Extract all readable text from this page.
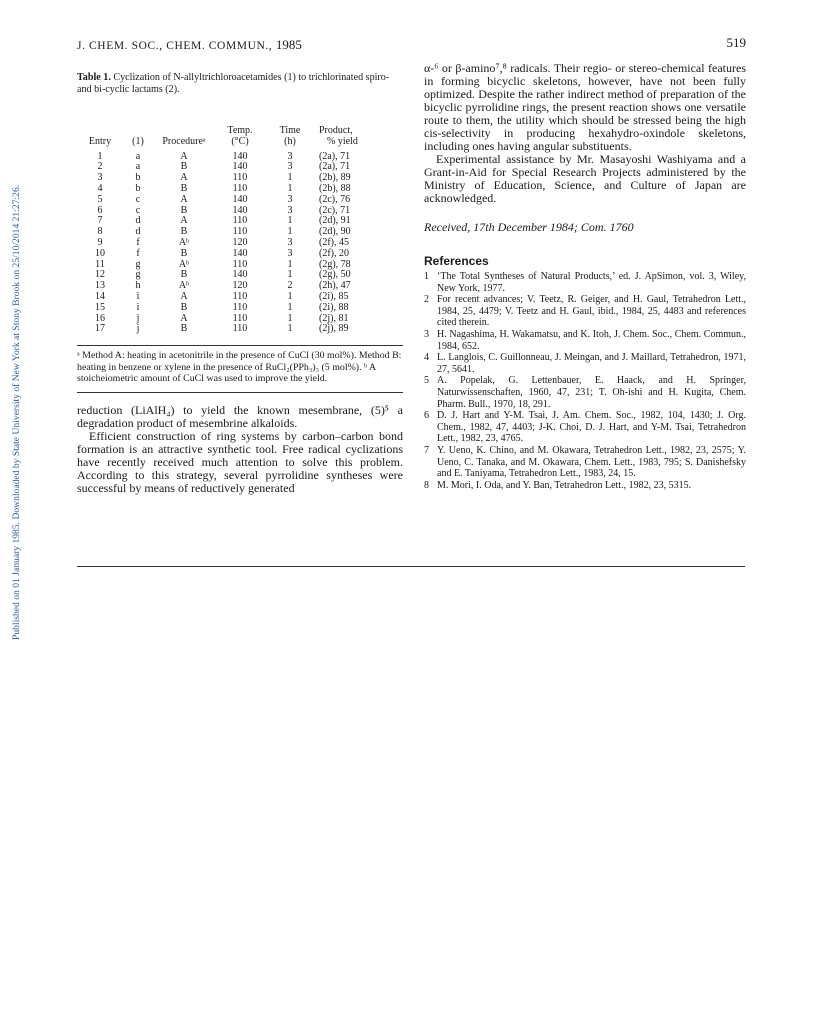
Published on 01 January 1985. Downloaded by State University of New York at Stony Brook on 25/10/2014 21:27:26.
J. CHEM. SOC., CHEM. COMMUN., 1985	519

Table 1. Cyclization of N-allyltrichloroacetamides (1) to trichlorinated spiro- and bi-cyclic lactams (2).

			Temp.	Time	Product,
Entry	(1)	Procedureᵃ	(°C)	(h)	% yield

1	a	A	140	3	(2a), 71
2	a	B	140	3	(2a), 71
3	b	A	110	1	(2b), 89
4	b	B	110	1	(2b), 88
5	c	A	140	3	(2c), 76
6	c	B	140	3	(2c), 71
7	d	A	110	1	(2d), 91
8	d	B	110	1	(2d), 90
9	f	Aᵇ	120	3	(2f), 45
10	f	B	140	3	(2f), 20
11	g	Aᵇ	110	1	(2g), 78
12	g	B	140	1	(2g), 50
13	h	Aᵇ	120	2	(2h), 47
14	i	A	110	1	(2i), 85
15	i	B	110	1	(2i), 88
16	j	A	110	1	(2j), 81
17	j	B	110	1	(2j), 89

ᵃ Method A: heating in acetonitrile in the presence of CuCl (30 mol%). Method B: heating in benzene or xylene in the presence of RuCl₂(PPh₃)₃ (5 mol%). ᵇ A stoicheiometric amount of CuCl was used to improve the yield.

reduction (LiAlH₄) to yield the known mesembrane, (5)⁵ a degradation product of mesembrine alkaloids.

Efficient construction of ring systems by carbon–carbon bond formation is an attractive synthetic tool. Free radical cyclizations have recently received much attention to solve this problem. According to this strategy, several pyrrolidine syntheses were successful by means of reductively generated

α-⁶ or β-amino⁷,⁸ radicals. Their regio- or stereo-chemical features in forming bicyclic skeletons, however, have not been fully optimized. Despite the rather indirect method of preparation of the bicyclic pyrrolidine rings, the present reaction shows one versatile route to them, the utility which should be stressed being the high cis-selectivity in producing hexahydro-oxindole skeletons, including ones having angular substituents.

Experimental assistance by Mr. Masayoshi Washiyama and a Grant-in-Aid for Special Research Projects administered by the Ministry of Education, Science, and Culture of Japan are acknowledged.

Received, 17th December 1984; Com. 1760

References

1 ‘The Total Syntheses of Natural Products,’ ed. J. ApSimon, vol. 3, Wiley, New York, 1977.
2 For recent advances; V. Teetz, R. Geiger, and H. Gaul, Tetrahedron Lett., 1984, 25, 4479; V. Teetz and H. Gaul, ibid., 1984, 25, 4483 and references cited therein.
3 H. Nagashima, H. Wakamatsu, and K. Itoh, J. Chem. Soc., Chem. Commun., 1984, 652.
4 L. Langlois, C. Guillonneau, J. Meingan, and J. Maillard, Tetrahedron, 1971, 27, 5641.
5 A. Popelak, G. Lettenbauer, E. Haack, and H. Springer, Naturwissenschaften, 1960, 47, 231; T. Oh-ishi and H. Kugita, Chem. Pharm. Bull., 1970, 18, 291.
6 D. J. Hart and Y-M. Tsai, J. Am. Chem. Soc., 1982, 104, 1430; J. Org. Chem., 1982, 47, 4403; J-K. Choi, D. J. Hart, and Y-M. Tsai, Tetrahedron Lett., 1982, 23, 4765.
7 Y. Ueno, K. Chino, and M. Okawara, Tetrahedron Lett., 1982, 23, 2575; Y. Ueno, C. Tanaka, and M. Okawara, Chem. Lett., 1983, 795; S. Danishefsky and E. Taniyama, Tetrahedron Lett., 1983, 24, 15.
8 M. Mori, I. Oda, and Y. Ban, Tetrahedron Lett., 1982, 23, 5315.
